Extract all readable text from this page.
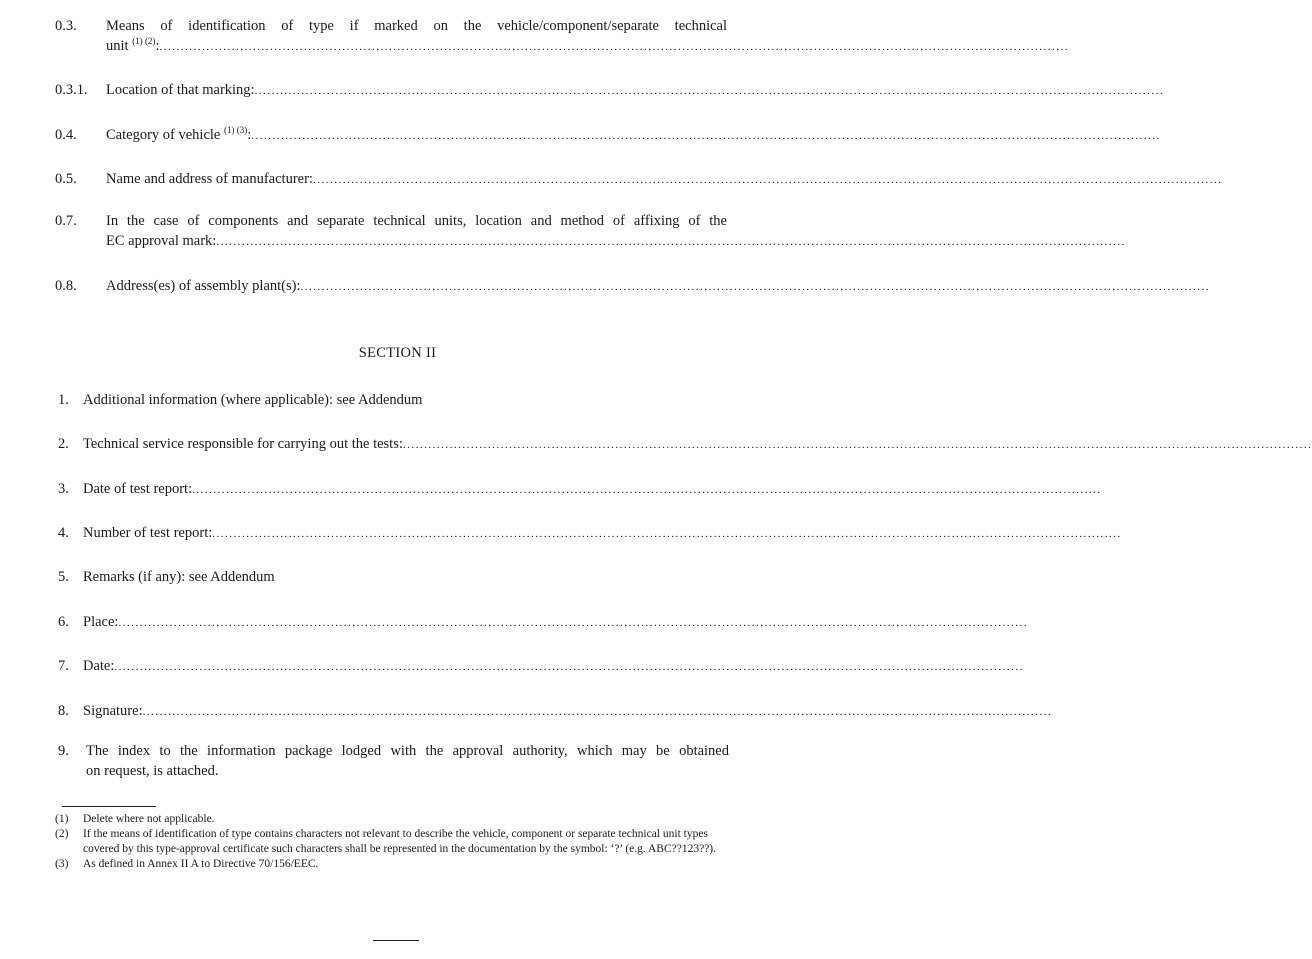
0.3. Means of identification of type if marked on the vehicle/component/separate technical
unit $^{(1)}$ $^{(2)}$: ......................................................................................................................................................................................................................
0.3.1.	Location of that marking: ......................................................................................................................................................................................................................
0.4.	Category of vehicle $^{(1)}$ $^{(3)}$: ......................................................................................................................................................................................................................
0.5.	Name and address of manufacturer: ......................................................................................................................................................................................................................
0.7. In the case of components and separate technical units, location and method of affixing of the
EC approval mark: ......................................................................................................................................................................................................................
0.8.	Address(es) of assembly plant(s): ......................................................................................................................................................................................................................
SECTION II
1. Additional information (where applicable): see Addendum
2. Technical service responsible for carrying out the tests: ......................................................................................................................................................................................................................
3. Date of test report: ......................................................................................................................................................................................................................
4. Number of test report: ......................................................................................................................................................................................................................
5. Remarks (if any): see Addendum
6. Place: ......................................................................................................................................................................................................................
7. Date: ......................................................................................................................................................................................................................
8. Signature: ......................................................................................................................................................................................................................
9. The index to the information package lodged with the approval authority, which may be obtained
on request, is attached.
(1) Delete where not applicable.
(2) If the means of identification of type contains characters not relevant to describe the vehicle, component or separate technical unit types covered by this type-approval certificate such characters shall be represented in the documentation by the symbol: ‘?’ (e.g. ABC??123??).
(3) As defined in Annex II A to Directive 70/156/EEC.
